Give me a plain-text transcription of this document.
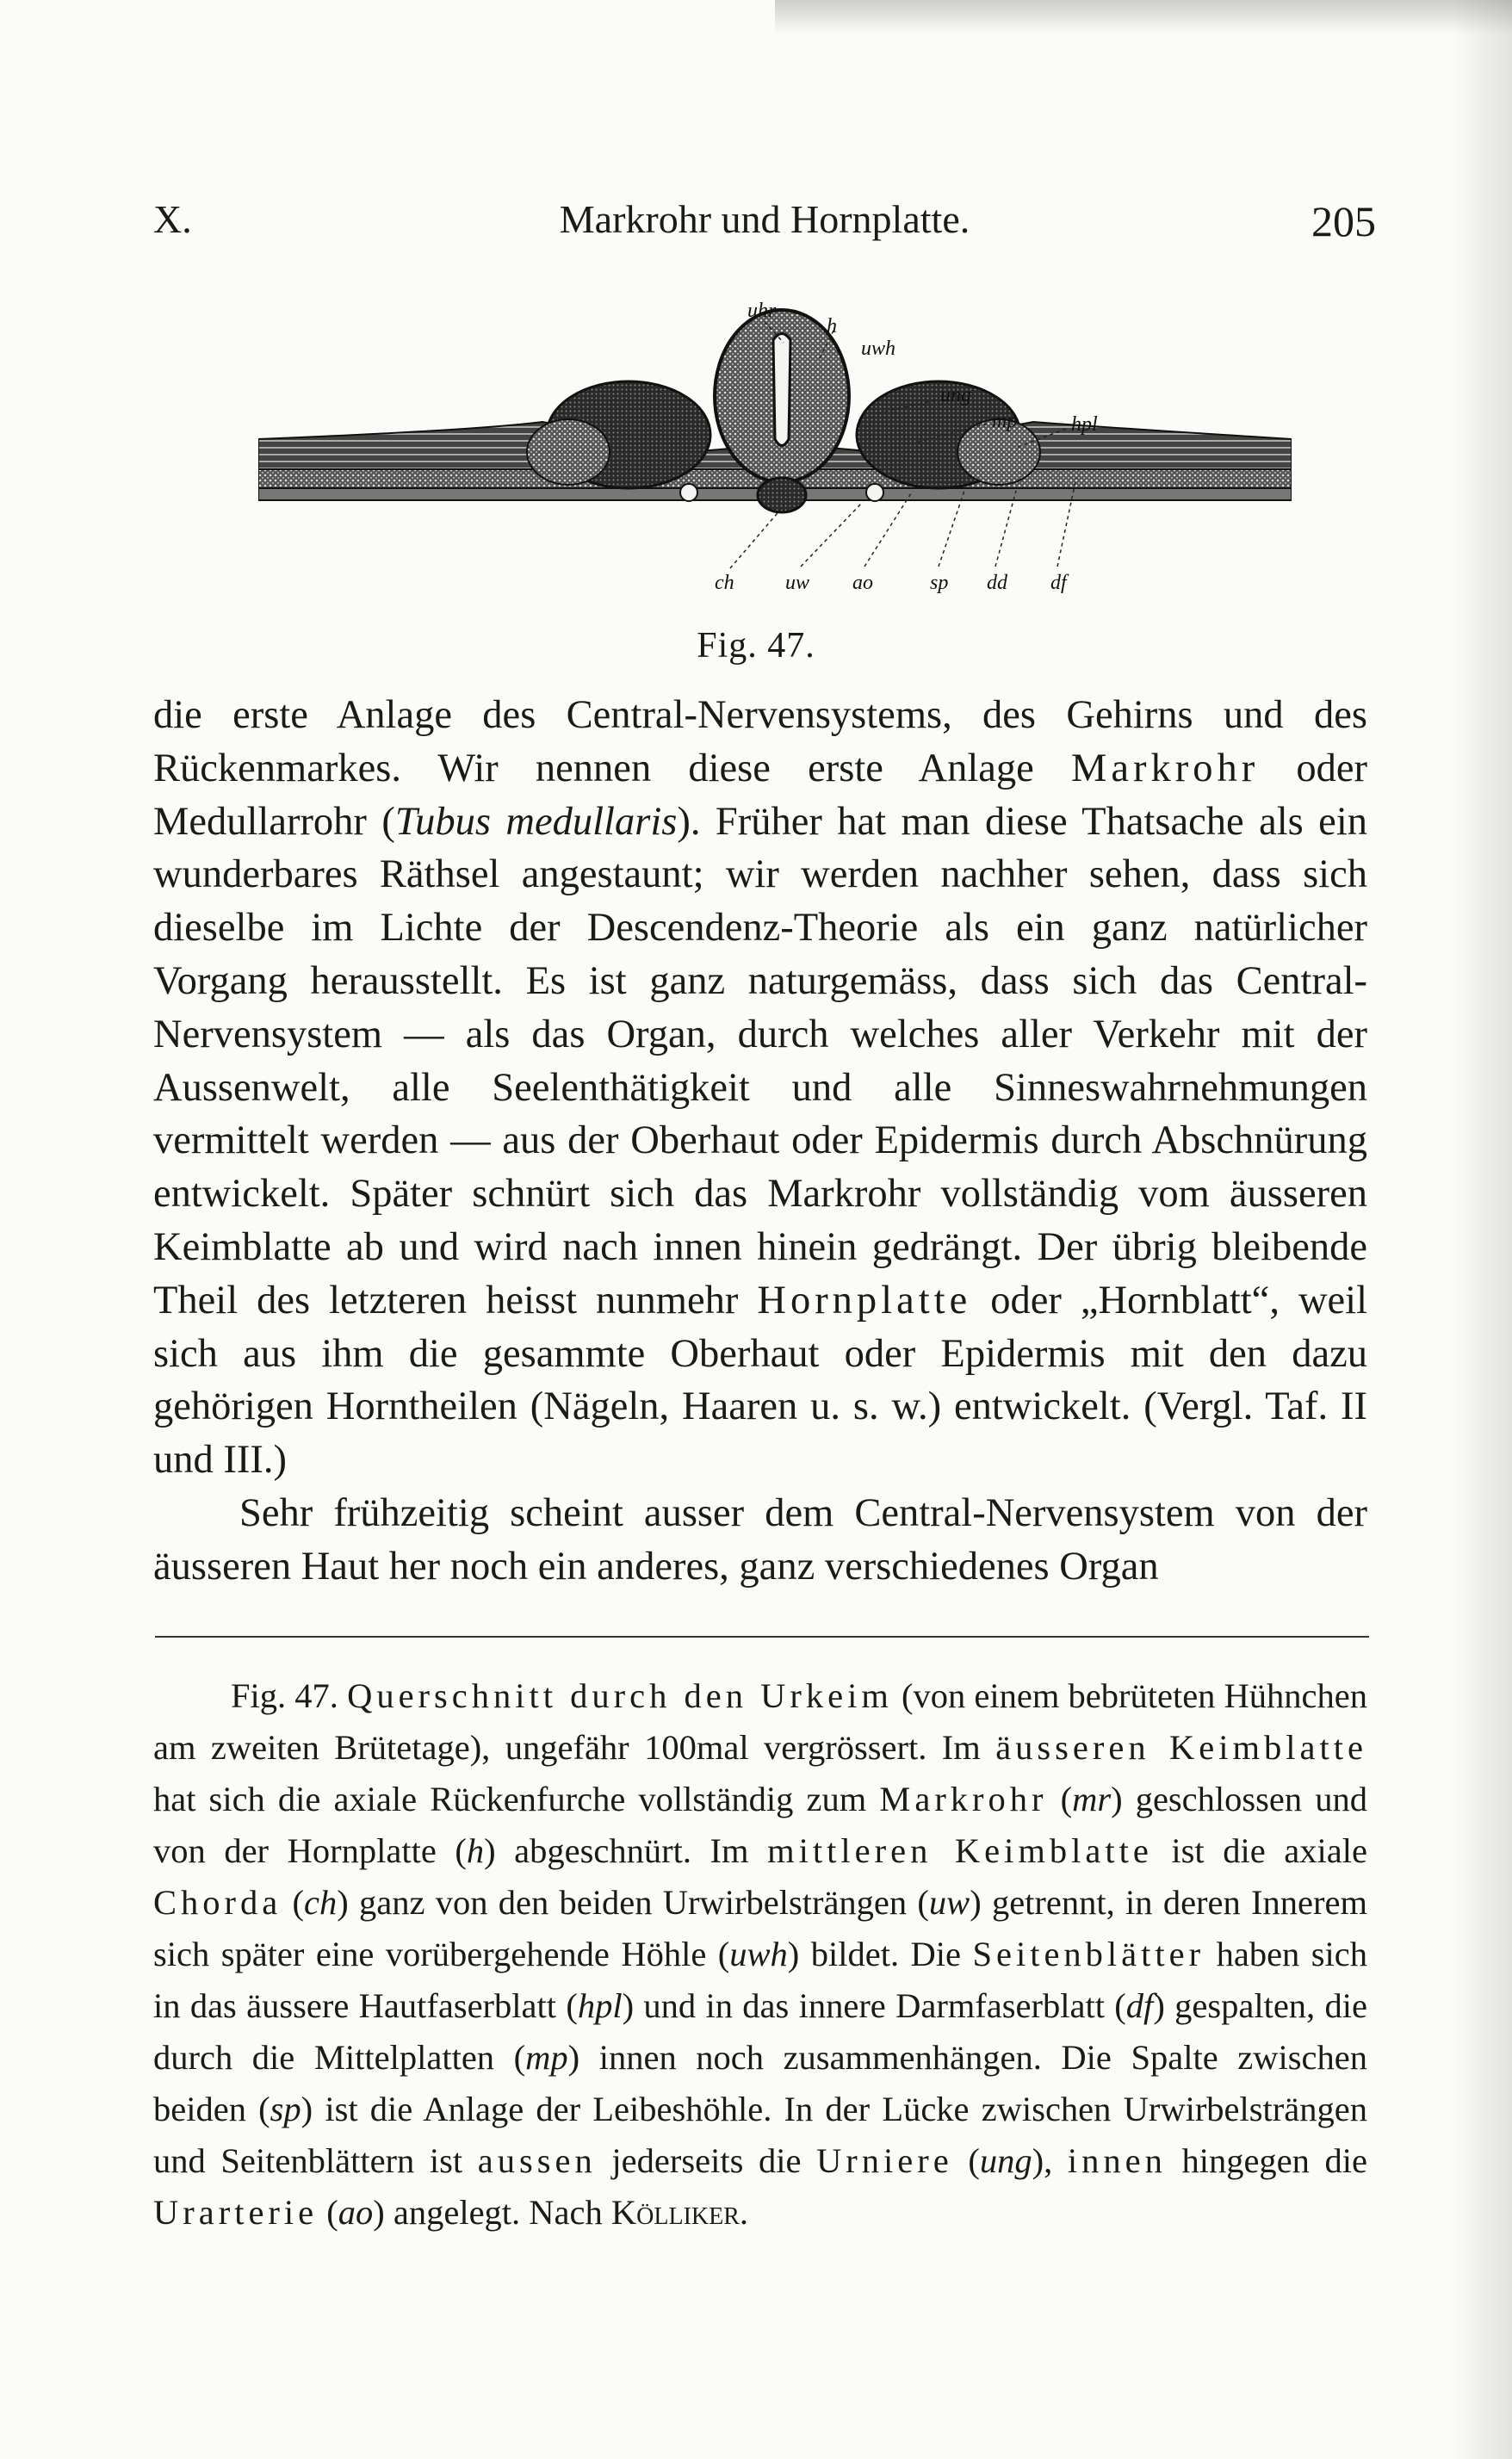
X.	Markrohr und Hornplatte.	205
uhr
h
uwh
ung
mp	hpl
ch uw ao	sp dd df
Fig. 47.

die erste Anlage des Central-Nervensystems, des Gehirns und des Rückenmarkes. Wir nennen diese erste Anlage Markrohr oder Medullarrohr (Tubus medullaris). Früher hat man diese Thatsache als ein wunderbares Räthsel angestaunt; wir werden nachher sehen, dass sich dieselbe im Lichte der Descendenz-Theorie als ein ganz natürlicher Vorgang herausstellt. Es ist ganz naturgemäss, dass sich das Central-Nervensystem — als das Organ, durch welches aller Verkehr mit der Aussenwelt, alle Seelenthätigkeit und alle Sinneswahrnehmungen vermittelt werden — aus der Oberhaut oder Epidermis durch Abschnürung entwickelt. Später schnürt sich das Markrohr vollständig vom äusseren Keimblatte ab und wird nach innen hinein gedrängt. Der übrig bleibende Theil des letzteren heisst nunmehr Hornplatte oder „Hornblatt“, weil sich aus ihm die gesammte Oberhaut oder Epidermis mit den dazu gehörigen Horntheilen (Nägeln, Haaren u. s. w.) entwickelt. (Vergl. Taf. II und III.)

Sehr frühzeitig scheint ausser dem Central-Nervensystem von der äusseren Haut her noch ein anderes, ganz verschiedenes Organ

Fig. 47. Querschnitt durch den Urkeim (von einem bebrüteten Hühnchen am zweiten Brütetage), ungefähr 100mal vergrössert. Im äusseren Keimblatte hat sich die axiale Rückenfurche vollständig zum Markrohr (mr) geschlossen und von der Hornplatte (h) abgeschnürt. Im mittleren Keimblatte ist die axiale Chorda (ch) ganz von den beiden Urwirbelsträngen (uw) getrennt, in deren Innerem sich später eine vorübergehende Höhle (uwh) bildet. Die Seitenblätter haben sich in das äussere Hautfaserblatt (hpl) und in das innere Darmfaserblatt (df) gespalten, die durch die Mittelplatten (mp) innen noch zusammenhängen. Die Spalte zwischen beiden (sp) ist die Anlage der Leibeshöhle. In der Lücke zwischen Urwirbelsträngen und Seitenblättern ist aussen jederseits die Urniere (ung), innen hingegen die Urarterie (ao) angelegt. Nach Kölliker.
